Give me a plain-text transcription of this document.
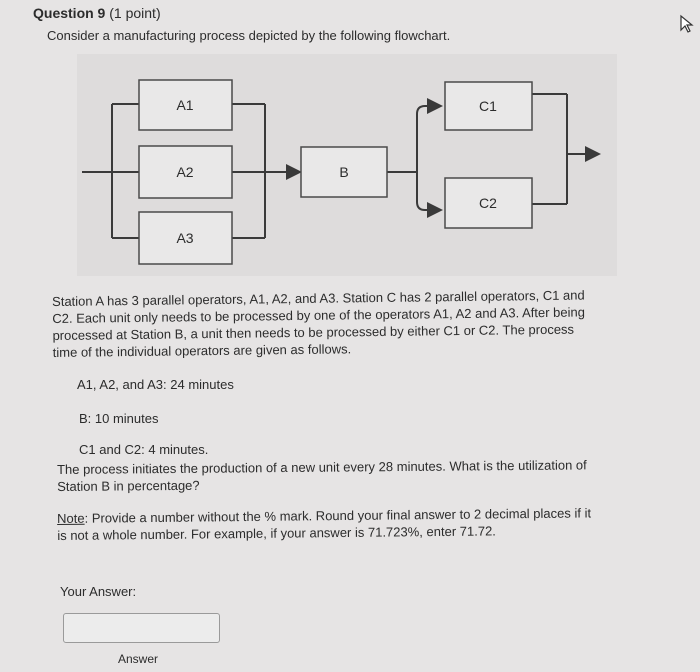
Question 9 (1 point)
Consider a manufacturing process depicted by the following flowchart.
A1
A2
A3
B
C1
C2
Station A has 3 parallel operators, A1, A2, and A3. Station C has 2 parallel operators, C1 and C2. Each unit only needs to be processed by one of the operators A1, A2 and A3. After being processed at Station B, a unit then needs to be processed by either C1 or C2. The process time of the individual operators are given as follows.
A1, A2, and A3: 24 minutes
B: 10 minutes
C1 and C2: 4 minutes.
The process initiates the production of a new unit every 28 minutes. What is the utilization of Station B in percentage?
Note: Provide a number without the % mark. Round your final answer to 2 decimal places if it is not a whole number. For example, if your answer is 71.723%, enter 71.72.
Your Answer:
Answer
